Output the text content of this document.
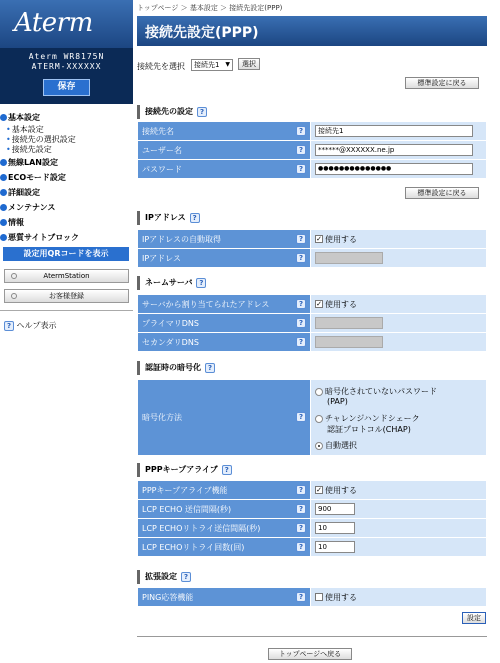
Aterm
Aterm WR8175N
ATERM-XXXXXX
保存
基本設定
• 基本設定
• 接続先の選択設定
• 接続先設定
無線LAN設定
ECOモード設定
詳細設定
メンテナンス
情報
悪質サイトブロック
設定用QRコードを表示
AtermStation
お客様登録
? ヘルプ表示
トップページ ＞ 基本設定 ＞ 接続先設定(PPP)
接続先設定(PPP)
接続先を選択	接続先1 ▼	選択
標準設定に戻る
接続先の設定 ?
接続先名 ?	接続先1
ユーザー名 ?	******@XXXXXX.ne.jp
パスワード ?	●●●●●●●●●●●●●●
標準設定に戻る
IPアドレス ?
IPアドレスの自動取得 ?	✓ 使用する
IPアドレス ?	

ネームサーバ ?
サーバから割り当てられたアドレス ?	✓ 使用する
プライマリDNS ?	

セカンダリDNS ?	

認証時の暗号化 ?
暗号化方法	?

暗号化されていないパスワード
(PAP)
チャレンジハンドシェーク
認証プロトコル(CHAP)
自動選択
PPPキープアライブ ?
PPPキープアライブ機能 ?	✓ 使用する
LCP ECHO 送信間隔(秒) ?	900
LCP ECHOリトライ送信間隔(秒) ?	10
LCP ECHOリトライ回数(回) ?	10
拡張設定 ?
PING応答機能	?	使用する
設定
トップページへ戻る
